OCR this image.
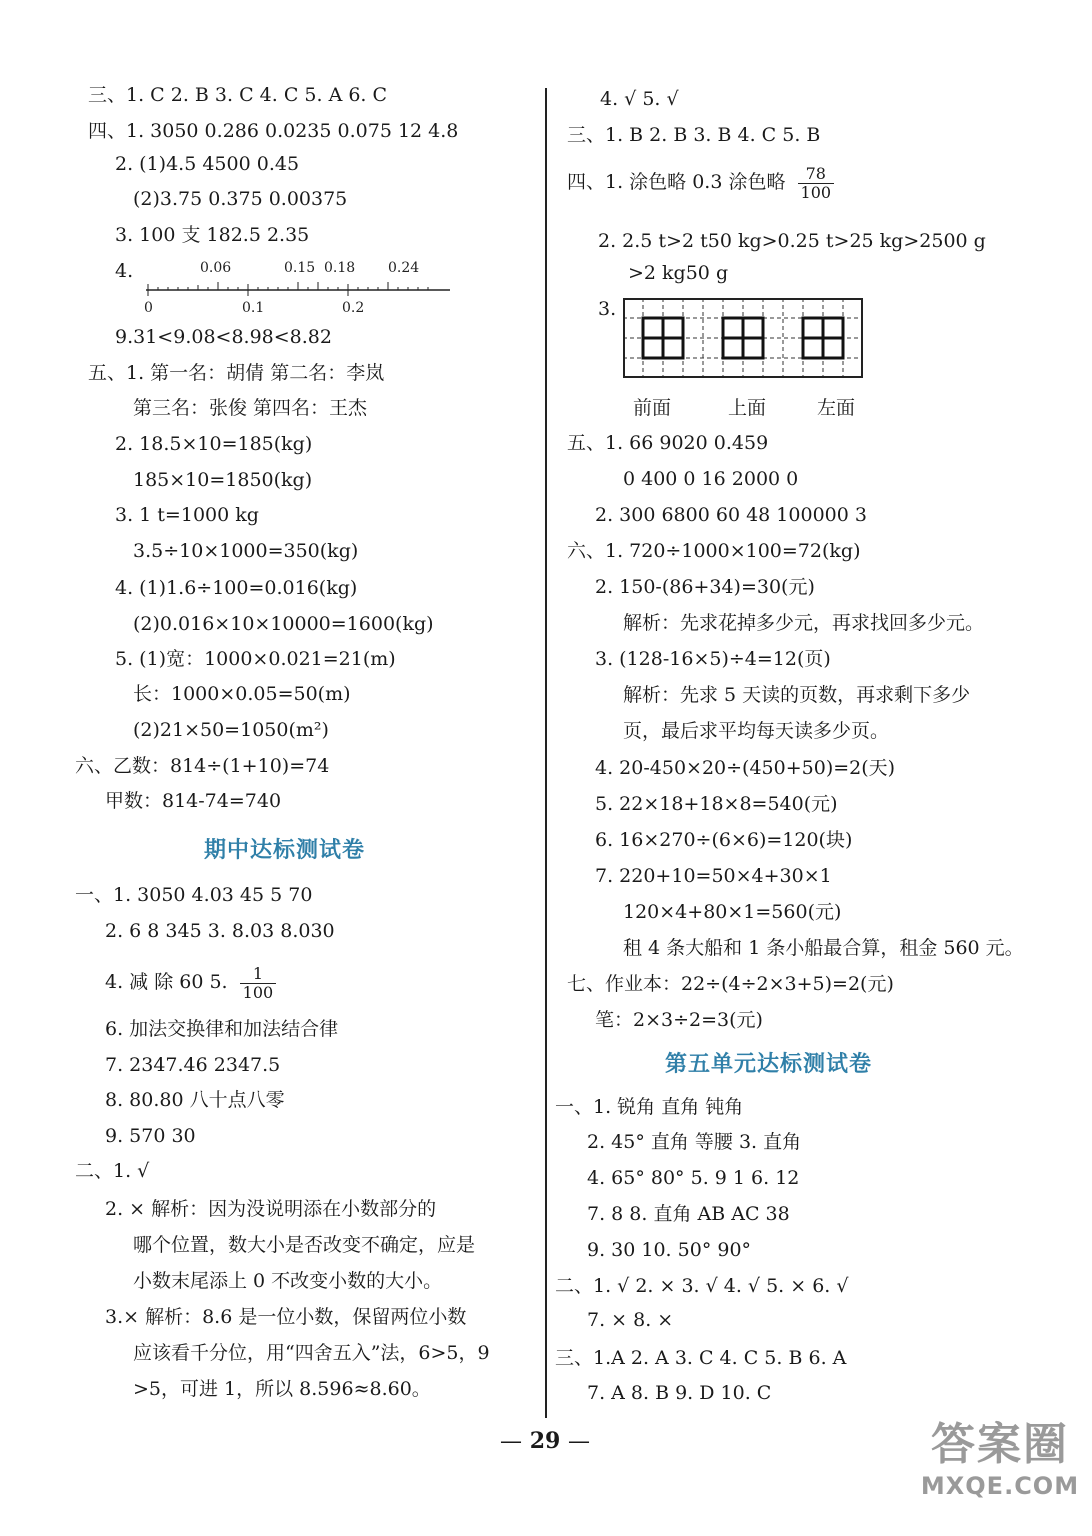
三、1. C 2. B 3. C 4. C 5. A 6. C
四、1. 3050 0.286 0.0235 0.075 12 4.8
2. (1)4.5 4500 0.45
(2)3.75 0.375 0.00375
3. 100 支 182.5 2.35
4.	0.06	0.15 0.18 0.24
0	0.1	0.2
9.31<9.08<8.98<8.82
五、1. 第一名：胡倩 第二名：李岚
第三名：张俊 第四名：王杰
2. 18.5×10=185(kg)
185×10=1850(kg)
3. 1 t=1000 kg
3.5÷10×1000=350(kg)
4. (1)1.6÷100=0.016(kg)
(2)0.016×10×10000=1600(kg)
5. (1)宽：1000×0.021=21(m)
长：1000×0.05=50(m)
(2)21×50=1050(m²)
六、乙数：814÷(1+10)=74
甲数：814-74=740
期中达标测试卷
一、1. 3050 4.03 45 5 70
2. 6 8 345 3. 8.03 8.030
4. 减 除 60 5. $\frac{1}{100}$
6. 加法交换律和加法结合律
7. 2347.46 2347.5
8. 80.80 八十点八零
9. 570 30
二、1. √
2. × 解析：因为没说明添在小数部分的
哪个位置，数大小是否改变不确定，应是
小数末尾添上 0 不改变小数的大小。
3.× 解析：8.6 是一位小数，保留两位小数
应该看千分位，用“四舍五入”法，6>5，9
>5，可进 1，所以 8.596≈8.60。
4. √ 5. √
三、1. B 2. B 3. B 4. C 5. B
四、1. 涂色略 0.3 涂色略 $\frac{78}{100}$
2. 2.5 t>2 t50 kg>0.25 t>25 kg>2500 g
>2 kg50 g
3.
前面	上面	左面
五、1. 66 9020 0.459
0 400 0 16 2000 0
2. 300 6800 60 48 100000 3
六、1. 720÷1000×100=72(kg)
2. 150-(86+34)=30(元)
解析：先求花掉多少元，再求找回多少元。
3. (128-16×5)÷4=12(页)
解析：先求 5 天读的页数，再求剩下多少
页，最后求平均每天读多少页。
4. 20-450×20÷(450+50)=2(天)
5. 22×18+18×8=540(元)
6. 16×270÷(6×6)=120(块)
7. 220+10=50×4+30×1
120×4+80×1=560(元)
租 4 条大船和 1 条小船最合算，租金 560 元。
七、作业本：22÷(4÷2×3+5)=2(元)
笔：2×3÷2=3(元)
第五单元达标测试卷
一、1. 锐角 直角 钝角
2. 45° 直角 等腰 3. 直角
4. 65° 80° 5. 9 1 6. 12
7. 8 8. 直角 AB AC 38
9. 30 10. 50° 90°
二、1. √ 2. × 3. √ 4. √ 5. × 6. √
7. × 8. ×
三、1.A 2. A 3. C 4. C 5. B 6. A
7. A 8. B 9. D 10. C
— 29 —	答案圈
MXQE.COM
